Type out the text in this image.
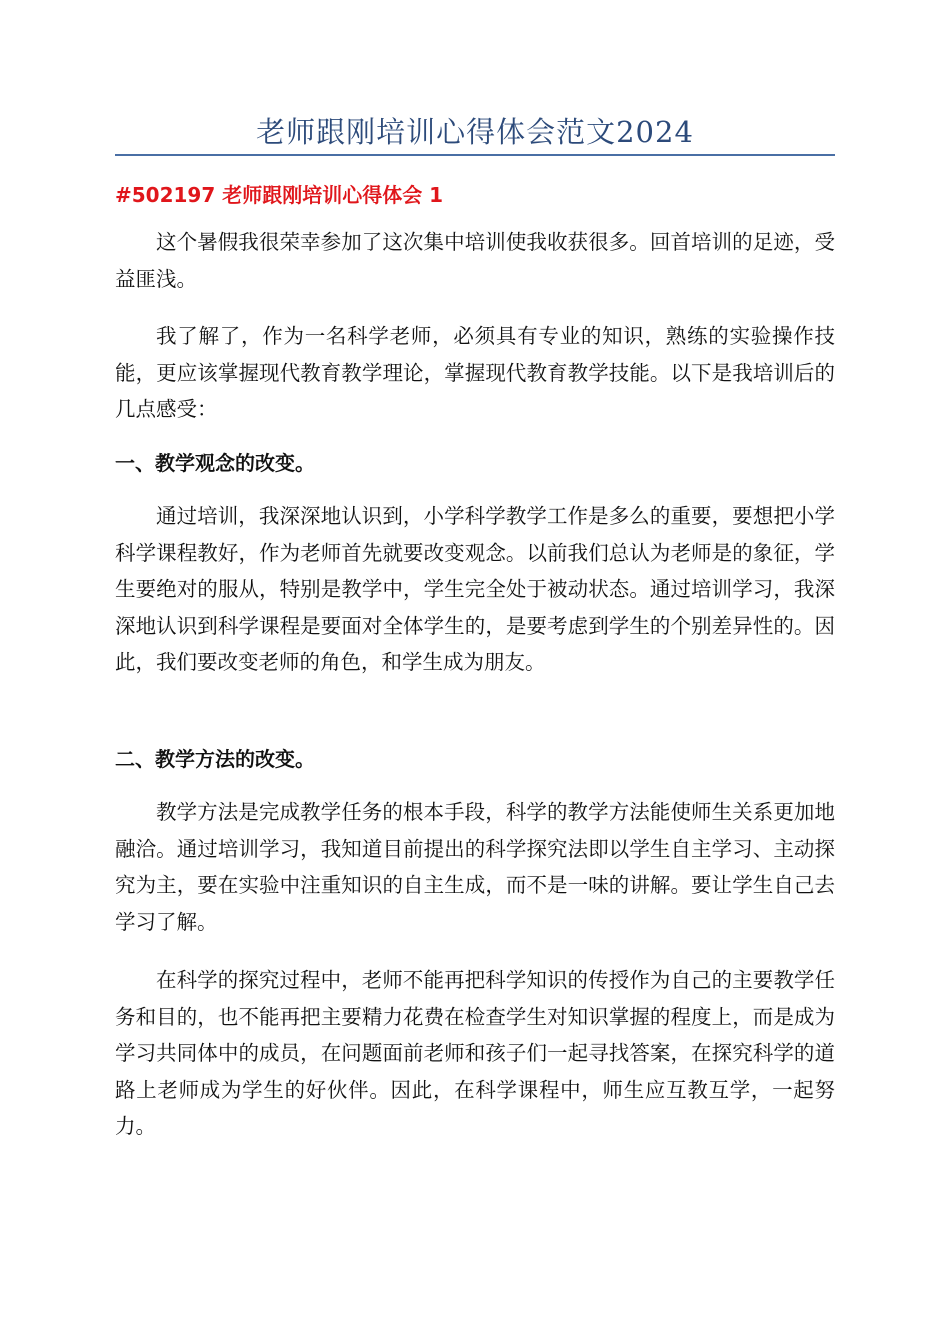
老师跟刚培训心得体会范文2024
#502197 老师跟刚培训心得体会 1

这个暑假我很荣幸参加了这次集中培训使我收获很多。回首培训的足迹，受益匪浅。

我了解了，作为一名科学老师，必须具有专业的知识，熟练的实验操作技能，更应该掌握现代教育教学理论，掌握现代教育教学技能。以下是我培训后的几点感受：

一、教学观念的改变。

通过培训，我深深地认识到，小学科学教学工作是多么的重要，要想把小学科学课程教好，作为老师首先就要改变观念。以前我们总认为老师是的象征，学生要绝对的服从，特别是教学中，学生完全处于被动状态。通过培训学习，我深深地认识到科学课程是要面对全体学生的，是要考虑到学生的个别差异性的。因此，我们要改变老师的角色，和学生成为朋友。

二、教学方法的改变。

教学方法是完成教学任务的根本手段，科学的教学方法能使师生关系更加地融洽。通过培训学习，我知道目前提出的科学探究法即以学生自主学习、主动探究为主，要在实验中注重知识的自主生成，而不是一味的讲解。要让学生自己去学习了解。

在科学的探究过程中，老师不能再把科学知识的传授作为自己的主要教学任务和目的，也不能再把主要精力花费在检查学生对知识掌握的程度上，而是成为学习共同体中的成员，在问题面前老师和孩子们一起寻找答案，在探究科学的道路上老师成为学生的好伙伴。因此，在科学课程中，师生应互教互学，一起努力。
